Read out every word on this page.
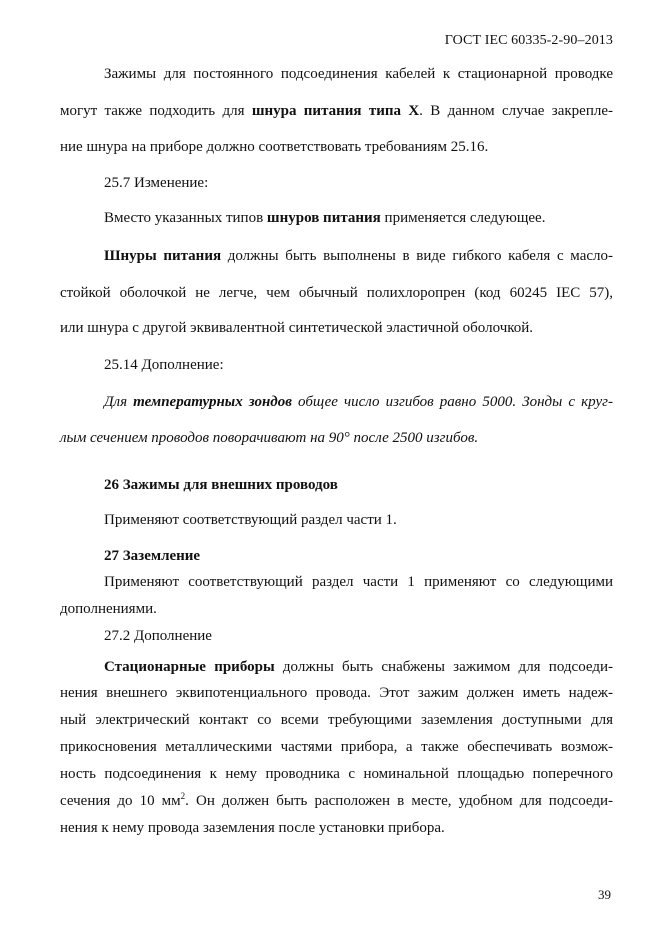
ГОСТ IEC 60335-2-90–2013

Зажимы для постоянного подсоединения кабелей к стационарной проводке

могут также подходить для шнура питания типа Х. В данном случае закрепле-

ние шнура на приборе должно соответствовать требованиям 25.16.

25.7 Изменение:

Вместо указанных типов шнуров питания применяется следующее.

Шнуры питания должны быть выполнены в виде гибкого кабеля с масло-

стойкой оболочкой не легче, чем обычный полихлоропрен (код 60245 IEC 57),

или шнура с другой эквивалентной синтетической эластичной оболочкой.

25.14 Дополнение:

Для температурных зондов общее число изгибов равно 5000. Зонды с круг-

лым сечением проводов поворачивают на 90° после 2500 изгибов.

26 Зажимы для внешних проводов

Применяют соответствующий раздел части 1.

27 Заземление

Применяют соответствующий раздел части 1 применяют со следующими

дополнениями.

27.2 Дополнение

Стационарные приборы должны быть снабжены зажимом для подсоеди-

нения внешнего эквипотенциального провода. Этот зажим должен иметь надеж-

ный электрический контакт со всеми требующими заземления доступными для

прикосновения металлическими частями прибора, а также обеспечивать возмож-

ность подсоединения к нему проводника с номинальной площадью поперечного

сечения до 10 $мм^2$. Он должен быть расположен в месте, удобном для подсоеди-

нения к нему провода заземления после установки прибора.

39
